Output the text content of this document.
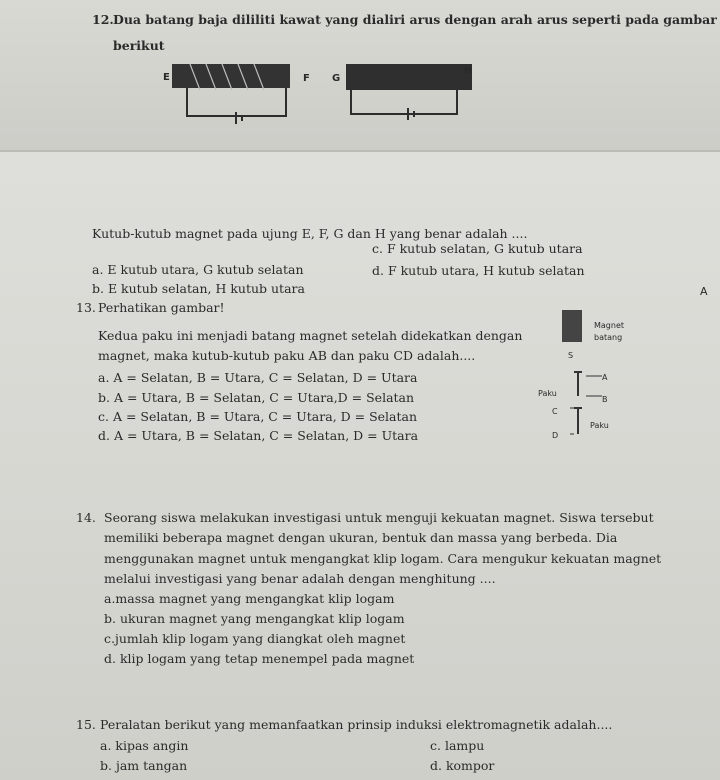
12. Dua batang baja dililiti kawat yang dialiri arus dengan arah arus seperti pada gambar
berikut
E	F G
H
Kutub-kutub magnet pada ujung E, F, G dan H yang benar adalah ....
a. E kutub utara, G kutub selatan
b. E kutub selatan, H kutub utara
c. F kutub selatan, G kutub utara
d. F kutub utara, H kutub selatan
13. Perhatikan gambar!
A
Kedua paku ini menjadi batang magnet setelah didekatkan dengan
magnet, maka kutub-kutub paku AB dan paku CD adalah....
a. A = Selatan, B = Utara, C = Selatan, D = Utara
b. A = Utara, B = Selatan, C = Utara,D = Selatan
c. A = Selatan, B = Utara, C = Utara, D = Selatan
d. A = Utara, B = Selatan, C = Selatan, D = Utara
Magnet
batang
S
Paku
A
B
C
D
Paku
14. Seorang siswa melakukan investigasi untuk menguji kekuatan magnet. Siswa tersebut
memiliki beberapa magnet dengan ukuran, bentuk dan massa yang berbeda. Dia
menggunakan magnet untuk mengangkat klip logam. Cara mengukur kekuatan magnet
melalui investigasi yang benar adalah dengan menghitung ....
a.massa magnet yang mengangkat klip logam
b. ukuran magnet yang mengangkat klip logam
c.jumlah klip logam yang diangkat oleh magnet
d. klip logam yang tetap menempel pada magnet
15. Peralatan berikut yang memanfaatkan prinsip induksi elektromagnetik adalah....
a. kipas angin
b. jam tangan
c. lampu
d. kompor
